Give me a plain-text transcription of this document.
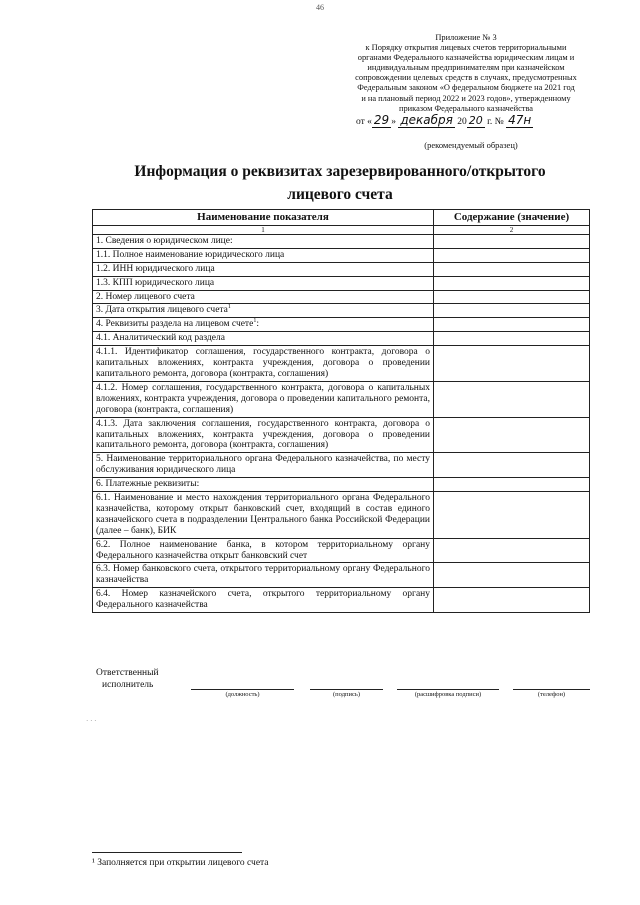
46
Приложение № 3
к Порядку открытия лицевых счетов территориальными
органами Федерального казначейства юридическим лицам и
индивидуальным предпринимателям при казначейском
сопровождении целевых средств в случаях, предусмотренных
Федеральным законом «О федеральном бюджете на 2021 год
и на плановый период 2022 и 2023 годов», утвержденному
приказом Федерального казначейства
от « 29 » декабря 20 20 г. № 47н
(рекомендуемый образец)
Информация о реквизитах зарезервированного/открытого
лицевого счета
Наименование показателя	Содержание (значение)
1	2
1. Сведения о юридическом лице:	
1.1. Полное наименование юридического лица	
1.2. ИНН юридического лица	
1.3. КПП юридического лица	
2. Номер лицевого счета	
3. Дата открытия лицевого счета$^1$	
4. Реквизиты раздела на лицевом счете$^1$:	
4.1. Аналитический код раздела	
4.1.1. Идентификатор соглашения, государственного контракта, договора о капитальных вложениях, контракта учреждения, договора о проведении капитального ремонта, договора (контракта, соглашения)	
4.1.2. Номер соглашения, государственного контракта, договора о капитальных вложениях, контракта учреждения, договора о проведении капитального ремонта, договора (контракта, соглашения)	
4.1.3. Дата заключения соглашения, государственного контракта, договора о капитальных вложениях, контракта учреждения, договора о проведении капитального ремонта, договора (контракта, соглашения)	
5. Наименование территориального органа Федерального казначейства, по месту обслуживания юридического лица	
6. Платежные реквизиты:	
6.1. Наименование и место нахождения территориального органа Федерального казначейства, которому открыт банковский счет, входящий в состав единого казначейского счета в подразделении Центрального банка Российской Федерации (далее – банк), БИК	
6.2. Полное наименование банка, в котором территориальному органу Федерального казначейства открыт банковский счет	
6.3. Номер банковского счета, открытого территориальному органу Федерального казначейства	
6.4. Номер казначейского счета, открытого территориальному органу Федерального казначейства	
Ответственный
исполнитель
(должность)	(подпись)	(расшифровка подписи)	(телефон)
· · ·
¹ Заполняется при открытии лицевого счета
